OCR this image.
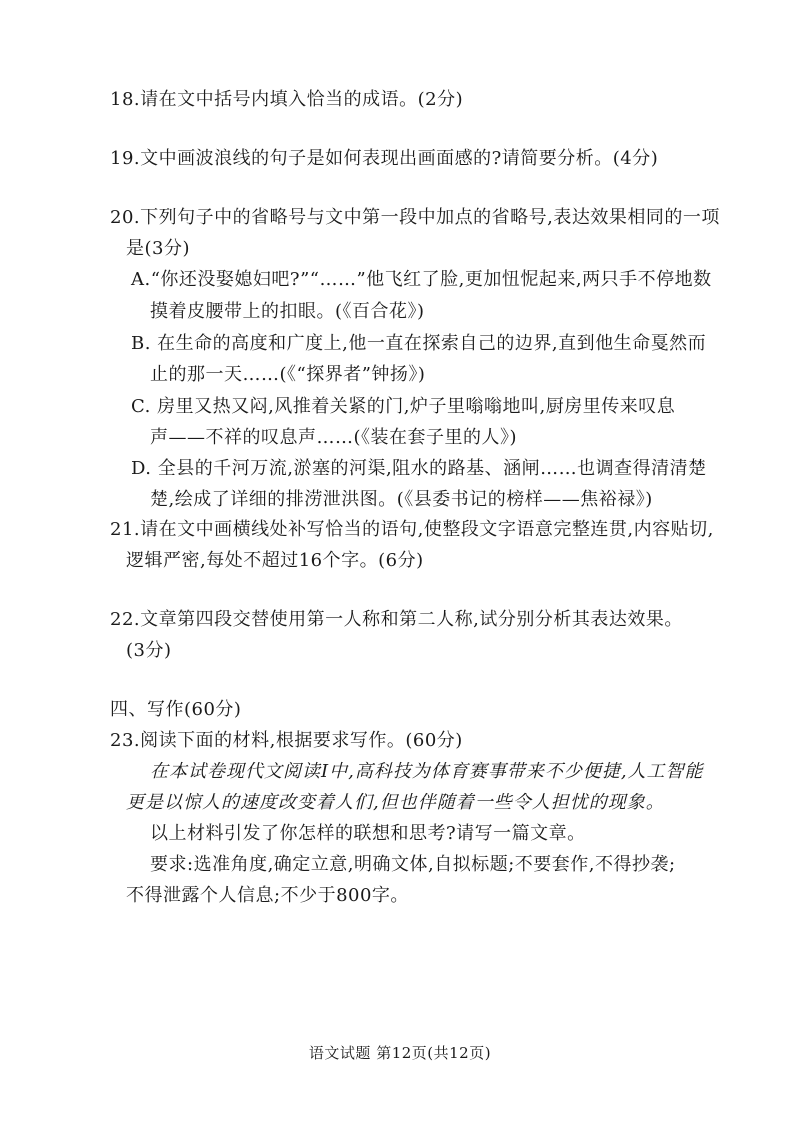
18.请在文中括号内填入恰当的成语。(2分)
19.文中画波浪线的句子是如何表现出画面感的?请简要分析。(4分)
20.下列句子中的省略号与文中第一段中加点的省略号,表达效果相同的一项
是(3分)
A.“你还没娶媳妇吧?”“……”他飞红了脸,更加忸怩起来,两只手不停地数
摸着皮腰带上的扣眼。(《百合花》)
B. 在生命的高度和广度上,他一直在探索自己的边界,直到他生命戛然而
止的那一天……(《“探界者”钟扬》)
C. 房里又热又闷,风推着关紧的门,炉子里嗡嗡地叫,厨房里传来叹息
声——不祥的叹息声……(《装在套子里的人》)
D. 全县的千河万流,淤塞的河渠,阻水的路基、涵闸……也调查得清清楚
楚,绘成了详细的排涝泄洪图。(《县委书记的榜样——焦裕禄》)
21.请在文中画横线处补写恰当的语句,使整段文字语意完整连贯,内容贴切,
逻辑严密,每处不超过16个字。(6分)
22.文章第四段交替使用第一人称和第二人称,试分别分析其表达效果。
(3分)
四、写作(60分)
23.阅读下面的材料,根据要求写作。(60分)
在本试卷现代文阅读Ⅰ中,高科技为体育赛事带来不少便捷,人工智能
更是以惊人的速度改变着人们,但也伴随着一些令人担忧的现象。
以上材料引发了你怎样的联想和思考?请写一篇文章。
要求:选准角度,确定立意,明确文体,自拟标题;不要套作,不得抄袭;
不得泄露个人信息;不少于800字。
语文试题 第12页(共12页)
